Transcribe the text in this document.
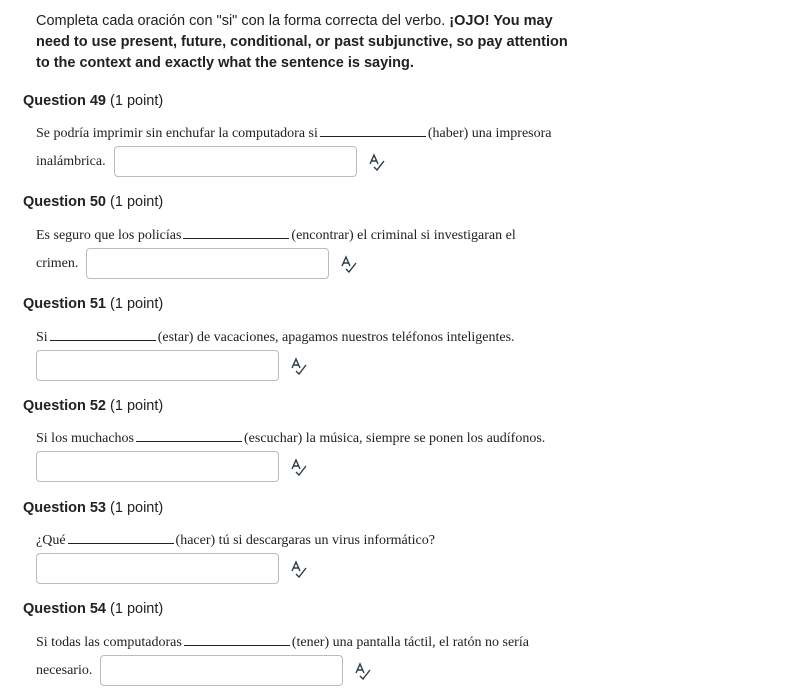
Completa cada oración con "si" con la forma correcta del verbo. ¡OJO! You may need to use present, future, conditional, or past subjunctive, so pay attention to the context and exactly what the sentence is saying.
Question 49 (1 point)
Se podría imprimir sin enchufar la computadora si	(haber) una impresora
inalámbrica.
Question 50 (1 point)
Es seguro que los policías	(encontrar) el criminal si investigaran el
crimen.
Question 51 (1 point)
Si	(estar) de vacaciones, apagamos nuestros teléfonos inteligentes.
Question 52 (1 point)
Si los muchachos	(escuchar) la música, siempre se ponen los audífonos.
Question 53 (1 point)
¿Qué	(hacer) tú si descargaras un virus informático?
Question 54 (1 point)
Si todas las computadoras	(tener) una pantalla táctil, el ratón no sería
necesario.
